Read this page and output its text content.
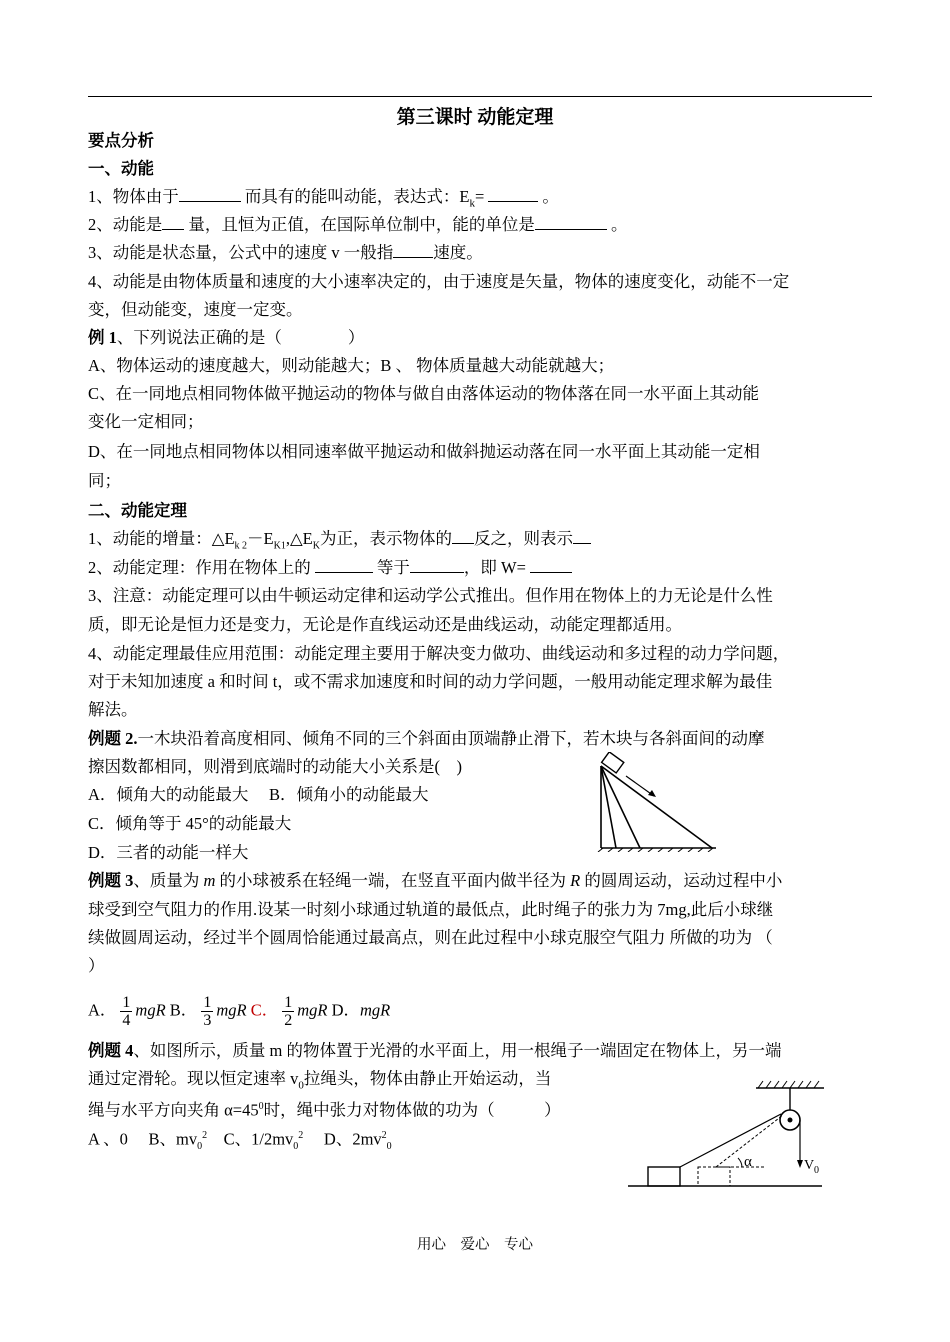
第三课时 动能定理
要点分析
一、动能
1、物体由于	而具有的能叫动能，表达式：$E_k=$	。
2、动能是 量，且恒为正值，在国际单位制中，能的单位是	。
3、动能是状态量，公式中的速度 v 一般指 速度。
4、动能是由物体质量和速度的大小速率决定的，由于速度是矢量，物体的速度变化，动能不一定
变，但动能变，速度一定变。
例 1、下列说法正确的是（　　　　）
A、物体运动的速度越大，则动能越大；B 、 物体质量越大动能就越大；
C、在一同地点相同物体做平抛运动的物体与做自由落体运动的物体落在同一水平面上其动能
变化一定相同；
D、在一同地点相同物体以相同速率做平抛运动和做斜抛运动落在同一水平面上其动能一定相
同；
二、动能定理
1、动能的增量：$\triangle E_{k 2}-E_{K1},\triangle E_K$为正，表示物体的 反之，则表示
2、动能定理：作用在物体上的	等于	，即 W=
3、注意：动能定理可以由牛顿运动定律和运动学公式推出。但作用在物体上的力无论是什么性
质，即无论是恒力还是变力，无论是作直线运动还是曲线运动，动能定理都适用。
4、动能定理最佳应用范围：动能定理主要用于解决变力做功、曲线运动和多过程的动力学问题，
对于未知加速度 a 和时间 t，或不需求加速度和时间的动力学问题，一般用动能定理求解为最佳
解法。
例题 2.一木块沿着高度相同、倾角不同的三个斜面由顶端静止滑下，若木块与各斜面间的动摩
擦因数都相同，则滑到底端时的动能大小关系是(　)
A．倾角大的动能最大　 B．倾角小的动能最大
C．倾角等于 45°的动能最大
D．三者的动能一样大
例题 3、质量为 m 的小球被系在轻绳一端，在竖直平面内做半径为 R 的圆周运动，运动过程中小
球受到空气阻力的作用.设某一时刻小球通过轨道的最低点，此时绳子的张力为 7mg,此后小球继
续做圆周运动，经过半个圆周恰能通过最高点，则在此过程中小球克服空气阻力 所做的功为 （
）
A． $\frac{1}{4}$ mgR B． $\frac{1}{3}$ mgR C． $\frac{1}{2}$ mgR D．mgR
例题 4、如图所示，质量 m 的物体置于光滑的水平面上，用一根绳子一端固定在物体上，另一端
通过定滑轮。现以恒定速率 $v_0$拉绳头，物体由静止开始运动，当
绳与水平方向夹角 $\alpha=45^0$时，绳中张力对物体做的功为（　　　）
A 、0　 B、$mv_0^2$　 C、$1/2mv_0^2$　 D、$2mv^2_0$
α	V 0
用心　爱心　专心
